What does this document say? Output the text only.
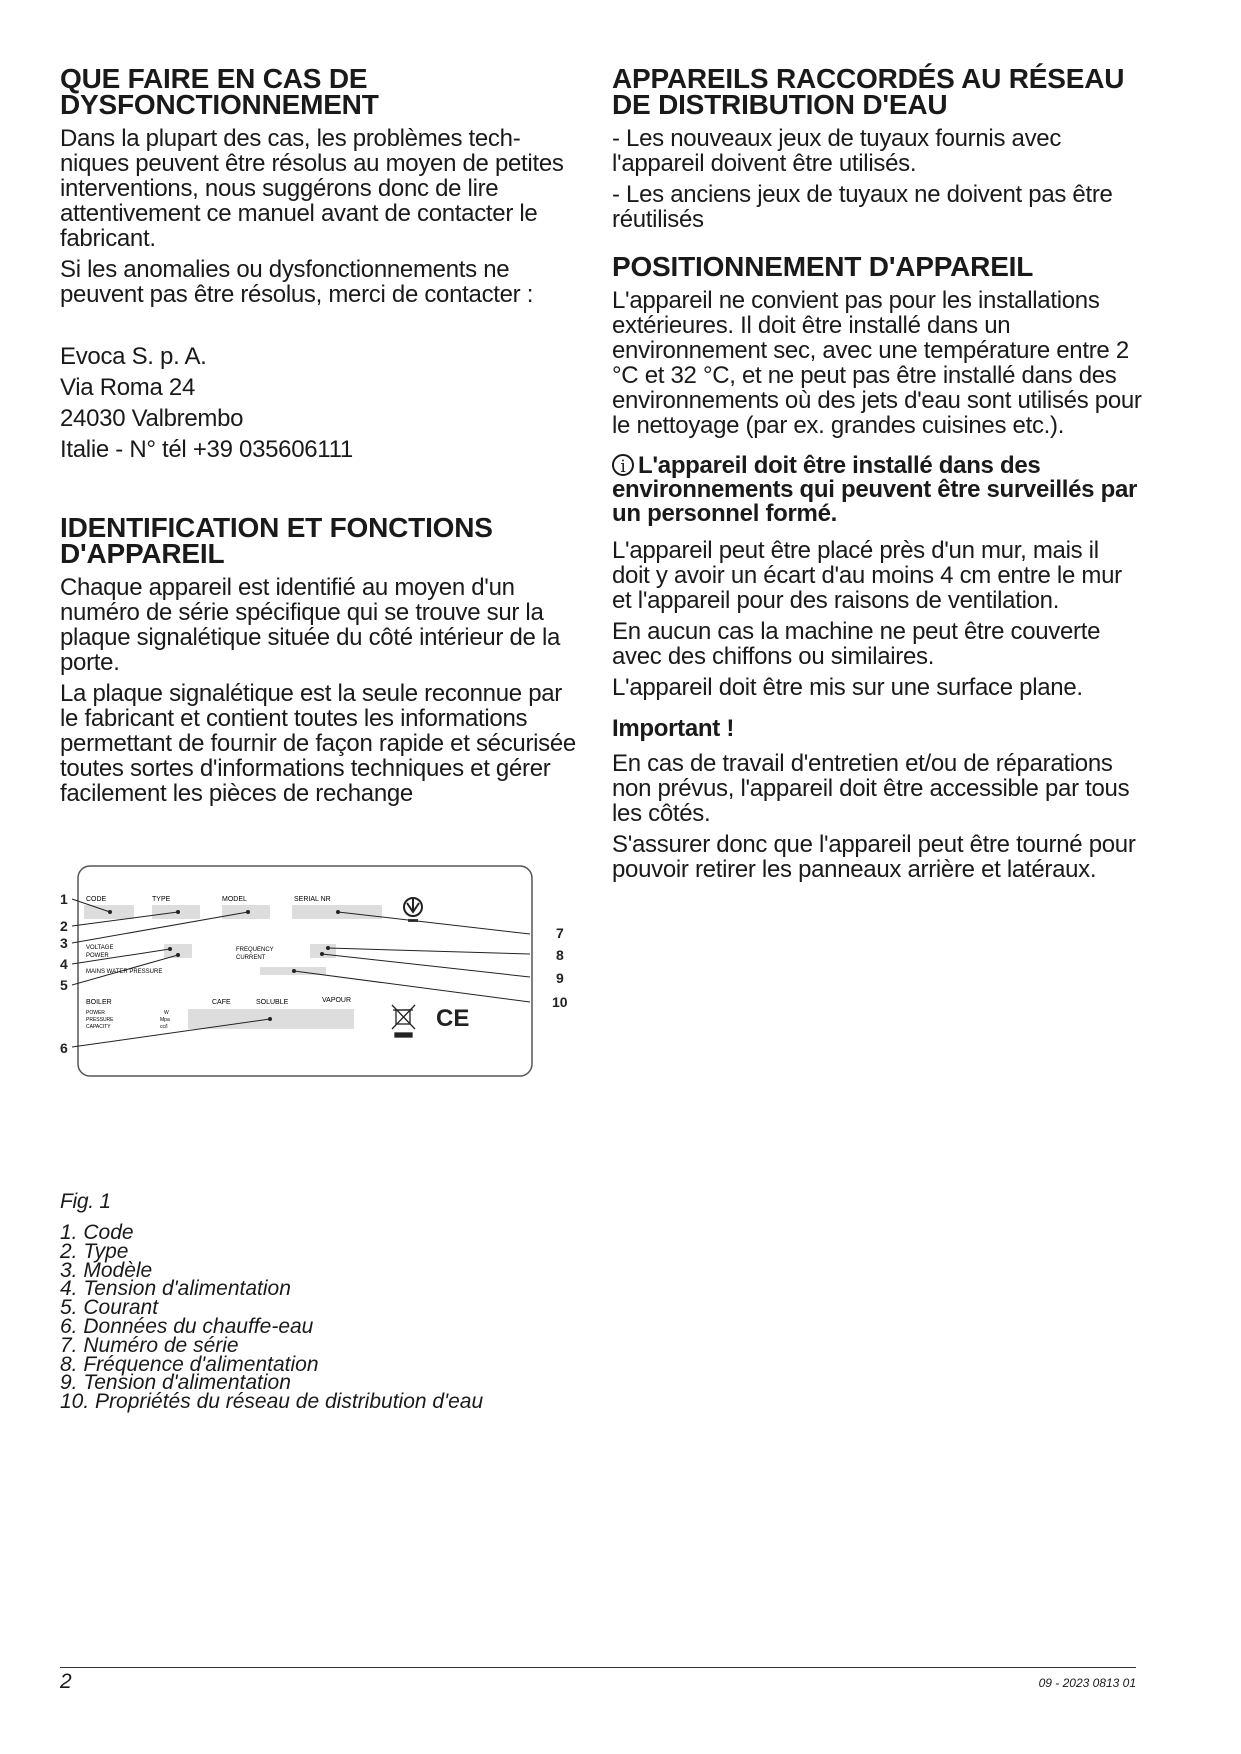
QUE FAIRE EN CAS DE DYSFONCTIONNEMENT

Dans la plupart des cas, les problèmes techniques peuvent être résolus au moyen de petites interventions, nous suggérons donc de lire attentivement ce manuel avant de contacter le fabricant.

Si les anomalies ou dysfonctionnements ne peuvent pas être résolus, merci de contacter :

Evoca S. p. A.

Via Roma 24

24030 Valbrembo

Italie - N° tél +39 035606111

IDENTIFICATION ET FONCTIONS D'APPAREIL

Chaque appareil est identifié au moyen d'un numéro de série spécifique qui se trouve sur la plaque signalétique située du côté intérieur de la porte.

La plaque signalétique est la seule reconnue par le fabricant et contient toutes les informations permettant de fournir de façon rapide et sécurisée toutes sortes d'informations techniques et gérer facilement les pièces de rechange

CODE	TYPE	MODEL	SERIAL NR
VOLTAGE
POWER
FREQUENCY
CURRENT
MAINS WATER PRESSURE
BOILER	CAFE	SOLUBLE	VAPOUR
POWER
PRESSURE
CAPACITY
W
Mpa
cc/l	CE
1
2
3
4
5
6
7
8
9
10

Fig. 1

1. Code
2. Type
3. Modèle
4. Tension d'alimentation
5. Courant
6. Données du chauffe-eau
7. Numéro de série
8. Fréquence d'alimentation
9. Tension d'alimentation
10. Propriétés du réseau de distribution d'eau
APPAREILS RACCORDÉS AU RÉSEAU DE DISTRIBUTION D'EAU

- Les nouveaux jeux de tuyaux fournis avec l'appareil doivent être utilisés.

- Les anciens jeux de tuyaux ne doivent pas être réutilisés

POSITIONNEMENT D'APPAREIL

L'appareil ne convient pas pour les installations extérieures. Il doit être installé dans un environnement sec, avec une température entre 2 °C et 32 °C, et ne peut pas être installé dans des environnements où des jets d'eau sont utilisés pour le nettoyage (par ex. grandes cuisines etc.).

i L'appareil doit être installé dans des environnements qui peuvent être surveillés par un personnel formé.

L'appareil peut être placé près d'un mur, mais il doit y avoir un écart d'au moins 4 cm entre le mur et l'appareil pour des raisons de ventilation.

En aucun cas la machine ne peut être couverte avec des chiffons ou similaires.

L'appareil doit être mis sur une surface plane.

Important !

En cas de travail d'entretien et/ou de réparations non prévus, l'appareil doit être accessible par tous les côtés.

S'assurer donc que l'appareil peut être tourné pour pouvoir retirer les panneaux arrière et latéraux.

2	09 - 2023 0813 01
